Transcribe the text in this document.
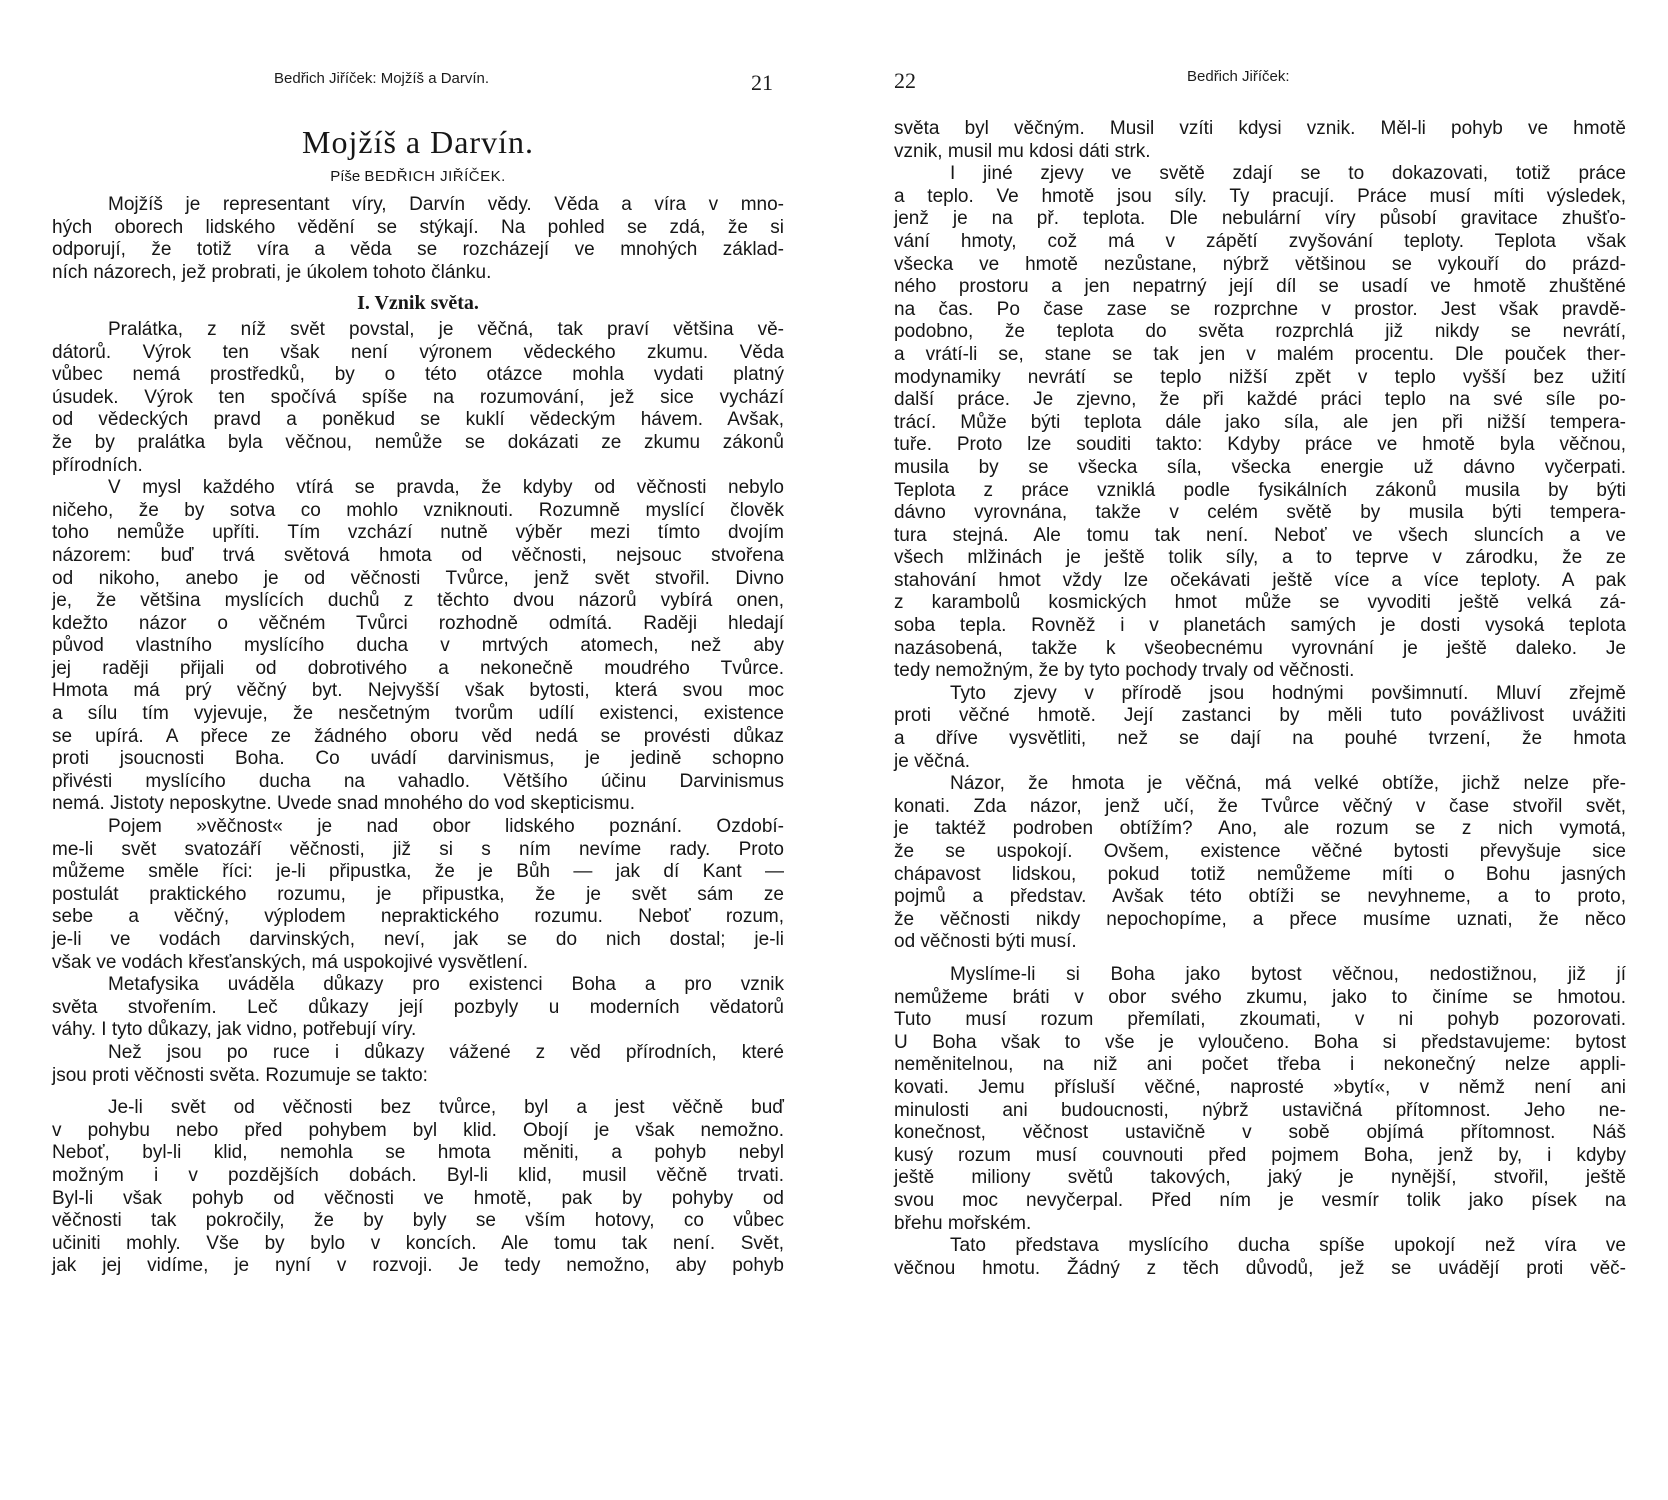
Bedřich Jiříček: Mojžíš a Darvín.	21
Mojžíš a Darvín.

Píše BEDŘICH JIŘÍČEK.

Mojžíš je representant víry, Darvín vědy. Věda a víra v mno-
hých oborech lidského vědění se stýkají. Na pohled se zdá, že si
odporují, že totiž víra a věda se rozcházejí ve mnohých základ-
ních názorech, jež probrati, je úkolem tohoto článku.

I. Vznik světa.

Pralátka, z níž svět povstal, je věčná, tak praví většina vě-
dátorů. Výrok ten však není výronem vědeckého zkumu. Věda
vůbec nemá prostředků, by o této otázce mohla vydati platný
úsudek. Výrok ten spočívá spíše na rozumování, jež sice vychází
od vědeckých pravd a poněkud se kuklí vědeckým hávem. Avšak,
že by pralátka byla věčnou, nemůže se dokázati ze zkumu zákonů
přírodních.

V mysl každého vtírá se pravda, že kdyby od věčnosti nebylo
ničeho, že by sotva co mohlo vzniknouti. Rozumně myslící člověk
toho nemůže upříti. Tím vzchází nutně výběr mezi tímto dvojím
názorem: buď trvá světová hmota od věčnosti, nejsouc stvořena
od nikoho, anebo je od věčnosti Tvůrce, jenž svět stvořil. Divno
je, že většina myslících duchů z těchto dvou názorů vybírá onen,
kdežto názor o věčném Tvůrci rozhodně odmítá. Raději hledají
původ vlastního myslícího ducha v mrtvých atomech, než aby
jej raději přijali od dobrotivého a nekonečně moudrého Tvůrce.
Hmota má prý věčný byt. Nejvyšší však bytosti, která svou moc
a sílu tím vyjevuje, že nesčetným tvorům udílí existenci, existence
se upírá. A přece ze žádného oboru věd nedá se provésti důkaz
proti jsoucnosti Boha. Co uvádí darvinismus, je jedině schopno
přivésti myslícího ducha na vahadlo. Většího účinu Darvinismus
nemá. Jistoty neposkytne. Uvede snad mnohého do vod skepticismu.

Pojem »věčnost« je nad obor lidského poznání. Ozdobí-
me-li svět svatozáří věčnosti, již si s ním nevíme rady. Proto
můžeme směle říci: je-li připustka, že je Bůh — jak dí Kant —
postulát praktického rozumu, je připustka, že je svět sám ze
sebe a věčný, výplodem nepraktického rozumu. Neboť rozum,
je-li ve vodách darvinských, neví, jak se do nich dostal; je-li
však ve vodách křesťanských, má uspokojivé vysvětlení.

Metafysika uváděla důkazy pro existenci Boha a pro vznik
světa stvořením. Leč důkazy její pozbyly u moderních vědatorů
váhy. I tyto důkazy, jak vidno, potřebují víry.

Než jsou po ruce i důkazy vážené z věd přírodních, které
jsou proti věčnosti světa. Rozumuje se takto:

Je-li svět od věčnosti bez tvůrce, byl a jest věčně buď
v pohybu nebo před pohybem byl klid. Obojí je však nemožno.
Neboť, byl-li klid, nemohla se hmota měniti, a pohyb nebyl
možným i v pozdějších dobách. Byl-li klid, musil věčně trvati.
Byl-li však pohyb od věčnosti ve hmotě, pak by pohyby od
věčnosti tak pokročily, že by byly se vším hotovy, co vůbec
učiniti mohly. Vše by bylo v koncích. Ale tomu tak není. Svět,
jak jej vidíme, je nyní v rozvoji. Je tedy nemožno, aby pohyb

22	Bedřich Jiříček:

světa byl věčným. Musil vzíti kdysi vznik. Měl-li pohyb ve hmotě
vznik, musil mu kdosi dáti strk.

I jiné zjevy ve světě zdají se to dokazovati, totiž práce
a teplo. Ve hmotě jsou síly. Ty pracují. Práce musí míti výsledek,
jenž je na př. teplota. Dle nebulární víry působí gravitace zhušťo-
vání hmoty, což má v zápětí zvyšování teploty. Teplota však
všecka ve hmotě nezůstane, nýbrž většinou se vykouří do prázd-
ného prostoru a jen nepatrný její díl se usadí ve hmotě zhuštěné
na čas. Po čase zase se rozprchne v prostor. Jest však pravdě-
podobno, že teplota do světa rozprchlá již nikdy se nevrátí,
a vrátí-li se, stane se tak jen v malém procentu. Dle pouček ther-
modynamiky nevrátí se teplo nižší zpět v teplo vyšší bez užití
další práce. Je zjevno, že při každé práci teplo na své síle po-
trácí. Může býti teplota dále jako síla, ale jen při nižší tempera-
tuře. Proto lze souditi takto: Kdyby práce ve hmotě byla věčnou,
musila by se všecka síla, všecka energie už dávno vyčerpati.
Teplota z práce vzniklá podle fysikálních zákonů musila by býti
dávno vyrovnána, takže v celém světě by musila býti tempera-
tura stejná. Ale tomu tak není. Neboť ve všech sluncích a ve
všech mlžinách je ještě tolik síly, a to teprve v zárodku, že ze
stahování hmot vždy lze očekávati ještě více a více teploty. A pak
z karambolů kosmických hmot může se vyvoditi ještě velká zá-
soba tepla. Rovněž i v planetách samých je dosti vysoká teplota
nazásobená, takže k všeobecnému vyrovnání je ještě daleko. Je
tedy nemožným, že by tyto pochody trvaly od věčnosti.

Tyto zjevy v přírodě jsou hodnými povšimnutí. Mluví zřejmě
proti věčné hmotě. Její zastanci by měli tuto povážlivost uvážiti
a dříve vysvětliti, než se dají na pouhé tvrzení, že hmota
je věčná.

Názor, že hmota je věčná, má velké obtíže, jichž nelze pře-
konati. Zda názor, jenž učí, že Tvůrce věčný v čase stvořil svět,
je taktéž podroben obtížím? Ano, ale rozum se z nich vymotá,
že se uspokojí. Ovšem, existence věčné bytosti převyšuje sice
chápavost lidskou, pokud totiž nemůžeme míti o Bohu jasných
pojmů a představ. Avšak této obtíži se nevyhneme, a to proto,
že věčnosti nikdy nepochopíme, a přece musíme uznati, že něco
od věčnosti býti musí.

Myslíme-li si Boha jako bytost věčnou, nedostižnou, již jí
nemůžeme bráti v obor svého zkumu, jako to činíme se hmotou.
Tuto musí rozum přemílati, zkoumati, v ni pohyb pozorovati.
U Boha však to vše je vyloučeno. Boha si představujeme: bytost
neměnitelnou, na niž ani počet třeba i nekonečný nelze appli-
kovati. Jemu přísluší věčné, naprosté »bytí«, v němž není ani
minulosti ani budoucnosti, nýbrž ustavičná přítomnost. Jeho ne-
konečnost, věčnost ustavičně v sobě objímá přítomnost. Náš
kusý rozum musí couvnouti před pojmem Boha, jenž by, i kdyby
ještě miliony světů takových, jaký je nynější, stvořil, ještě
svou moc nevyčerpal. Před ním je vesmír tolik jako písek na
břehu mořském.

Tato představa myslícího ducha spíše upokojí než víra ve
věčnou hmotu. Žádný z těch důvodů, jež se uvádějí proti věč-
